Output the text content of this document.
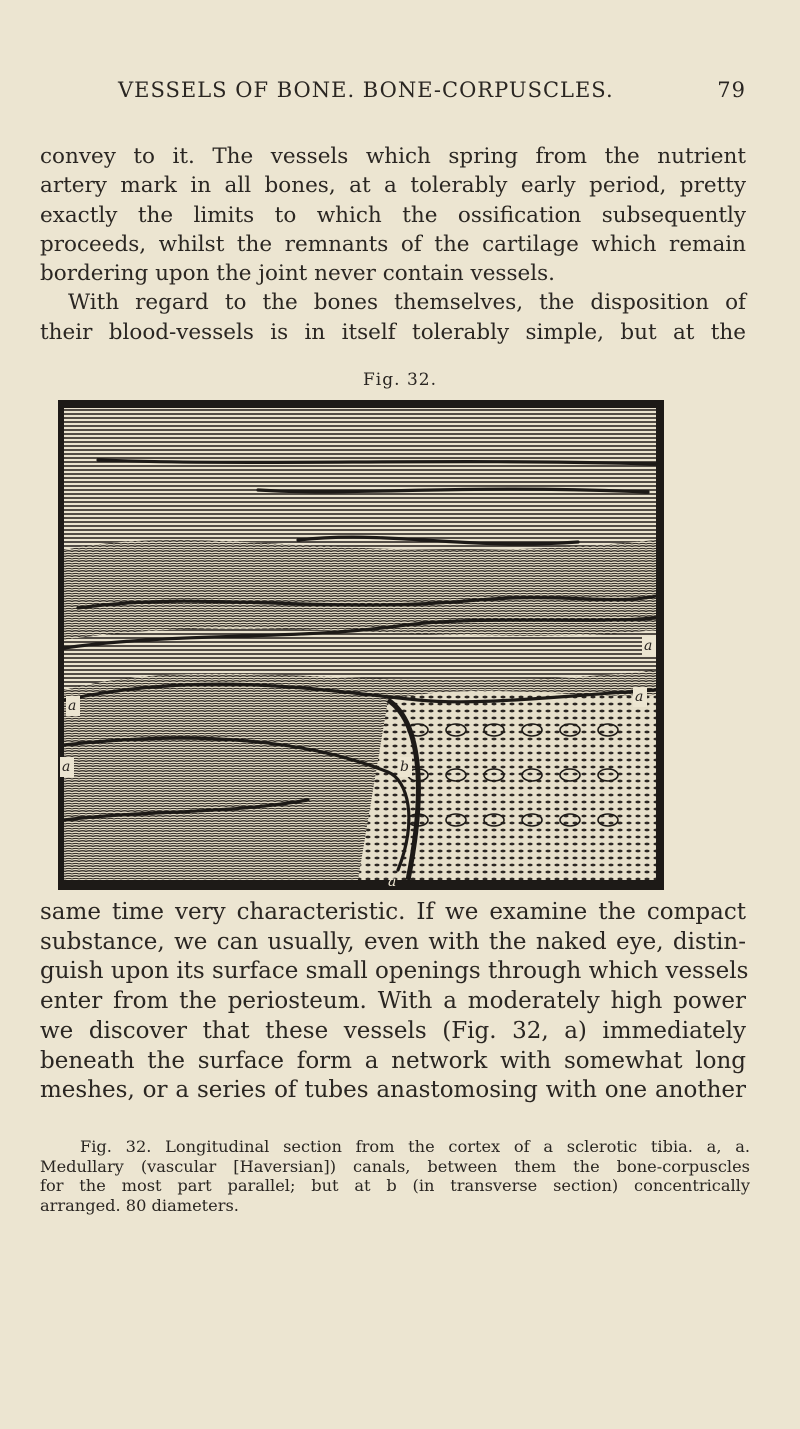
VESSELS OF BONE. BONE-CORPUSCLES.	79
convey to it. The vessels which spring from the nutrient
artery mark in all bones, at a tolerably early period, pretty
exactly the limits to which the ossification subsequently
proceeds, whilst the remnants of the cartilage which remain
bordering upon the joint never contain vessels.
With regard to the bones themselves, the disposition of
their blood-vessels is in itself tolerably simple, but at the
Fig. 32.
a
a
a
a
a
b
same time very characteristic. If we examine the compact
substance, we can usually, even with the naked eye, distin-
guish upon its surface small openings through which vessels
enter from the periosteum. With a moderately high power
we discover that these vessels (Fig. 32, a) immediately
beneath the surface form a network with somewhat long
meshes, or a series of tubes anastomosing with one another
Fig. 32. Longitudinal section from the cortex of a sclerotic tibia. a, a.
Medullary (vascular [Haversian]) canals, between them the bone-corpuscles
for the most part parallel; but at b (in transverse section) concentrically
arranged. 80 diameters.
